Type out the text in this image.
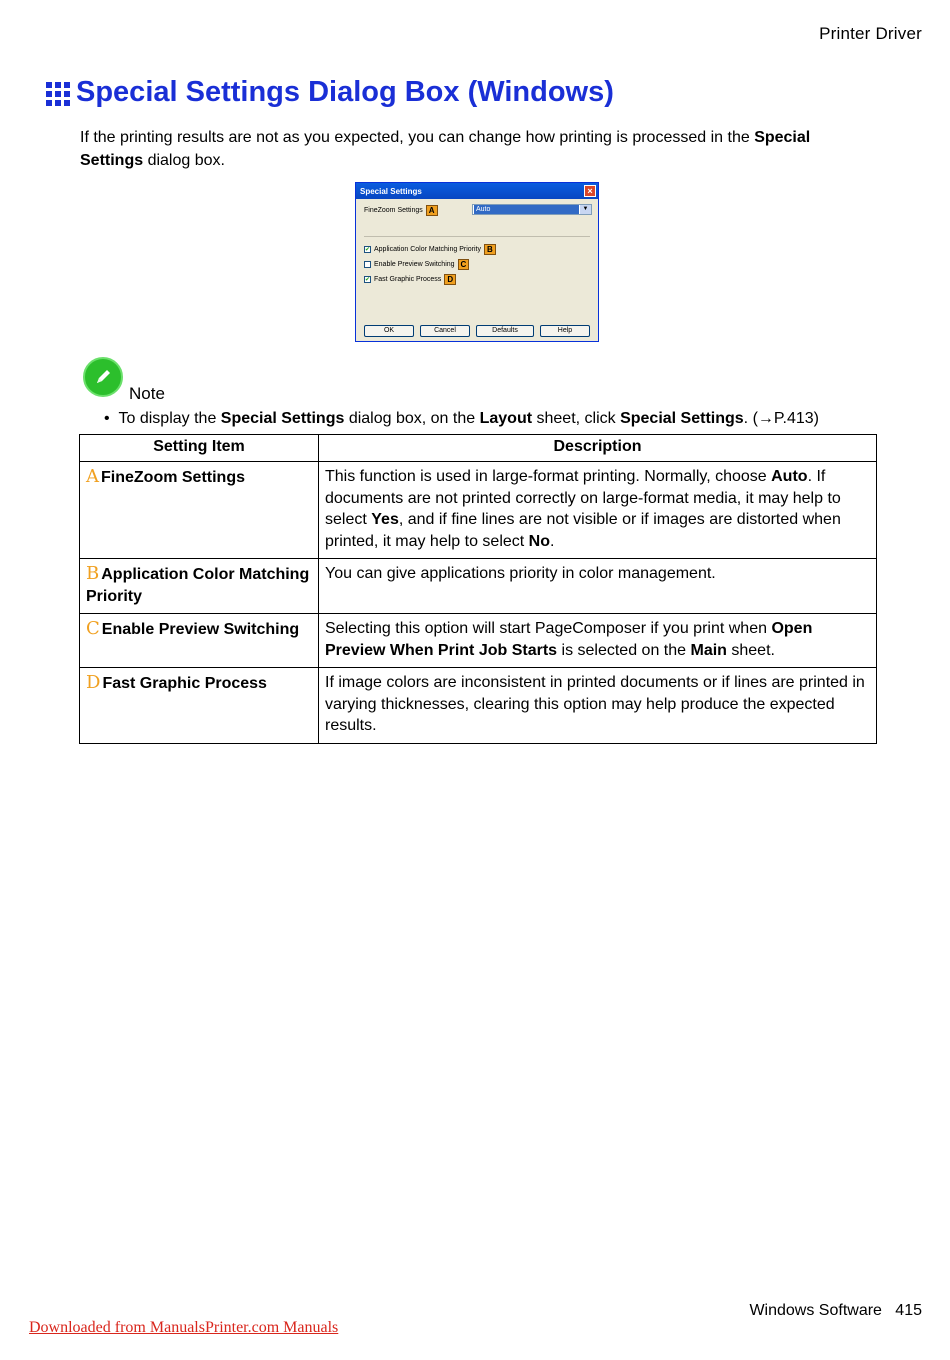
Printer Driver
Special Settings Dialog Box (Windows)
If the printing results are not as you expected, you can change how printing is processed in the Special Settings dialog box.
Special Settings	×
FineZoom Settings A	Auto	▼
✔ Application Color Matching Priority B
Enable Preview Switching C
✔ Fast Graphic Process D
OK	Cancel	Defaults	Help
Note
• To display the Special Settings dialog box, on the Layout sheet, click Special Settings. (→P.413)
Setting Item	Description
A FineZoom Settings	This function is used in large-format printing. Normally, choose Auto. If documents are not printed correctly on large-format media, it may help to select Yes, and if fine lines are not visible or if images are distorted when printed, it may help to select No.
B Application Color Matching Priority	You can give applications priority in color management.
C Enable Preview Switching	Selecting this option will start PageComposer if you print when Open Preview When Print Job Starts is selected on the Main sheet.
D Fast Graphic Process	If image colors are inconsistent in printed documents or if lines are printed in varying thicknesses, clearing this option may help produce the expected results.
Windows Software 415
Downloaded from ManualsPrinter.com Manuals
